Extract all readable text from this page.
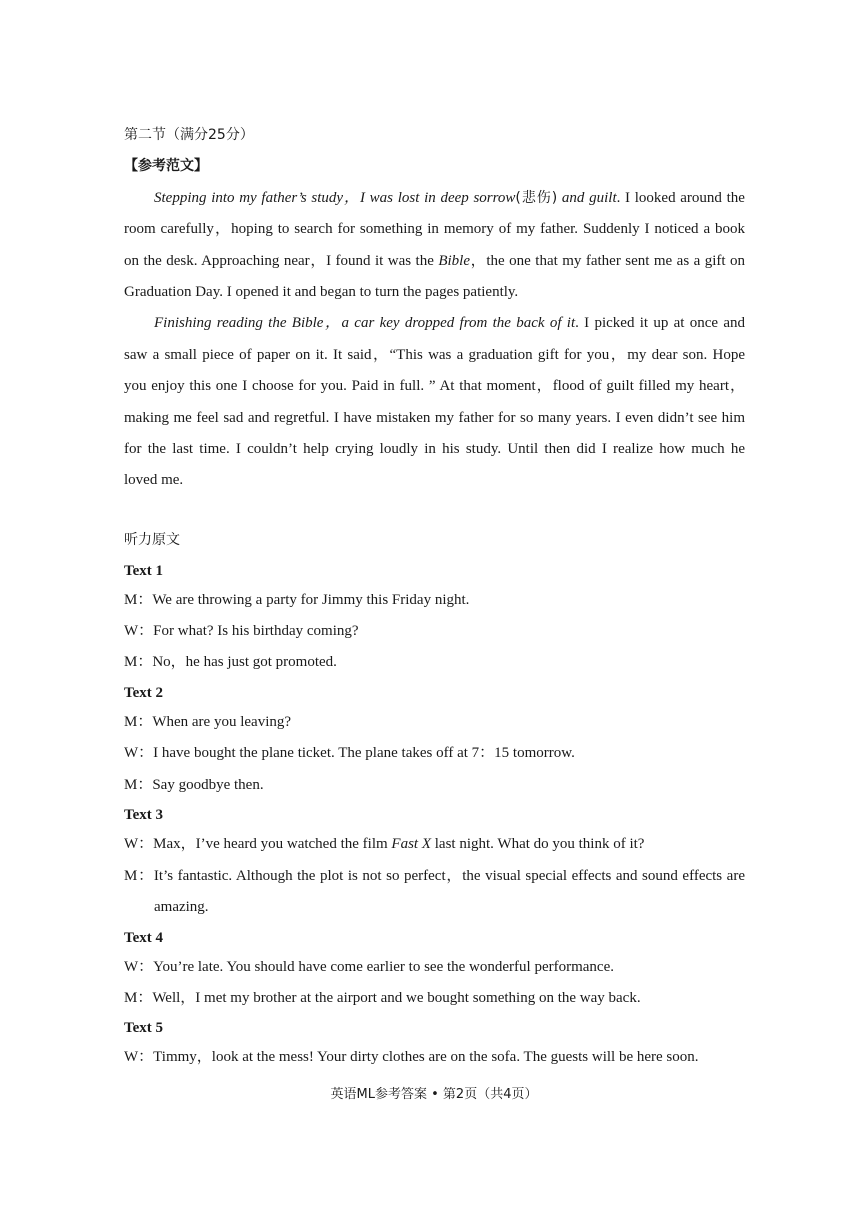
第二节（满分25分）
【参考范文】
Stepping into my father’s study，I was lost in deep sorrow(悲伤) and guilt. I looked around the
room carefully，hoping to search for something in memory of my father. Suddenly I noticed a book
on the desk. Approaching near，I found it was the Bible，the one that my father sent me as a gift on
Graduation Day. I opened it and began to turn the pages patiently.
Finishing reading the Bible，a car key dropped from the back of it. I picked it up at once and
saw a small piece of paper on it. It said，“This was a graduation gift for you，my dear son. Hope
you enjoy this one I choose for you. Paid in full. ” At that moment，flood of guilt filled my heart，
making me feel sad and regretful. I have mistaken my father for so many years. I even didn’t see him
for the last time. I couldn’t help crying loudly in his study. Until then did I realize how much he
loved me.
听力原文
Text 1
M：We are throwing a party for Jimmy this Friday night.
W：For what? Is his birthday coming?
M：No，he has just got promoted.
Text 2
M：When are you leaving?
W：I have bought the plane ticket. The plane takes off at 7：15 tomorrow.
M：Say goodbye then.
Text 3
W：Max，I’ve heard you watched the film Fast X last night. What do you think of it?
M：It’s fantastic. Although the plot is not so perfect，the visual special effects and sound effects are
amazing.
Text 4
W：You’re late. You should have come earlier to see the wonderful performance.
M：Well，I met my brother at the airport and we bought something on the way back.
Text 5
W：Timmy，look at the mess! Your dirty clothes are on the sofa. The guests will be here soon.
英语ML参考答案 • 第2页（共4页）
